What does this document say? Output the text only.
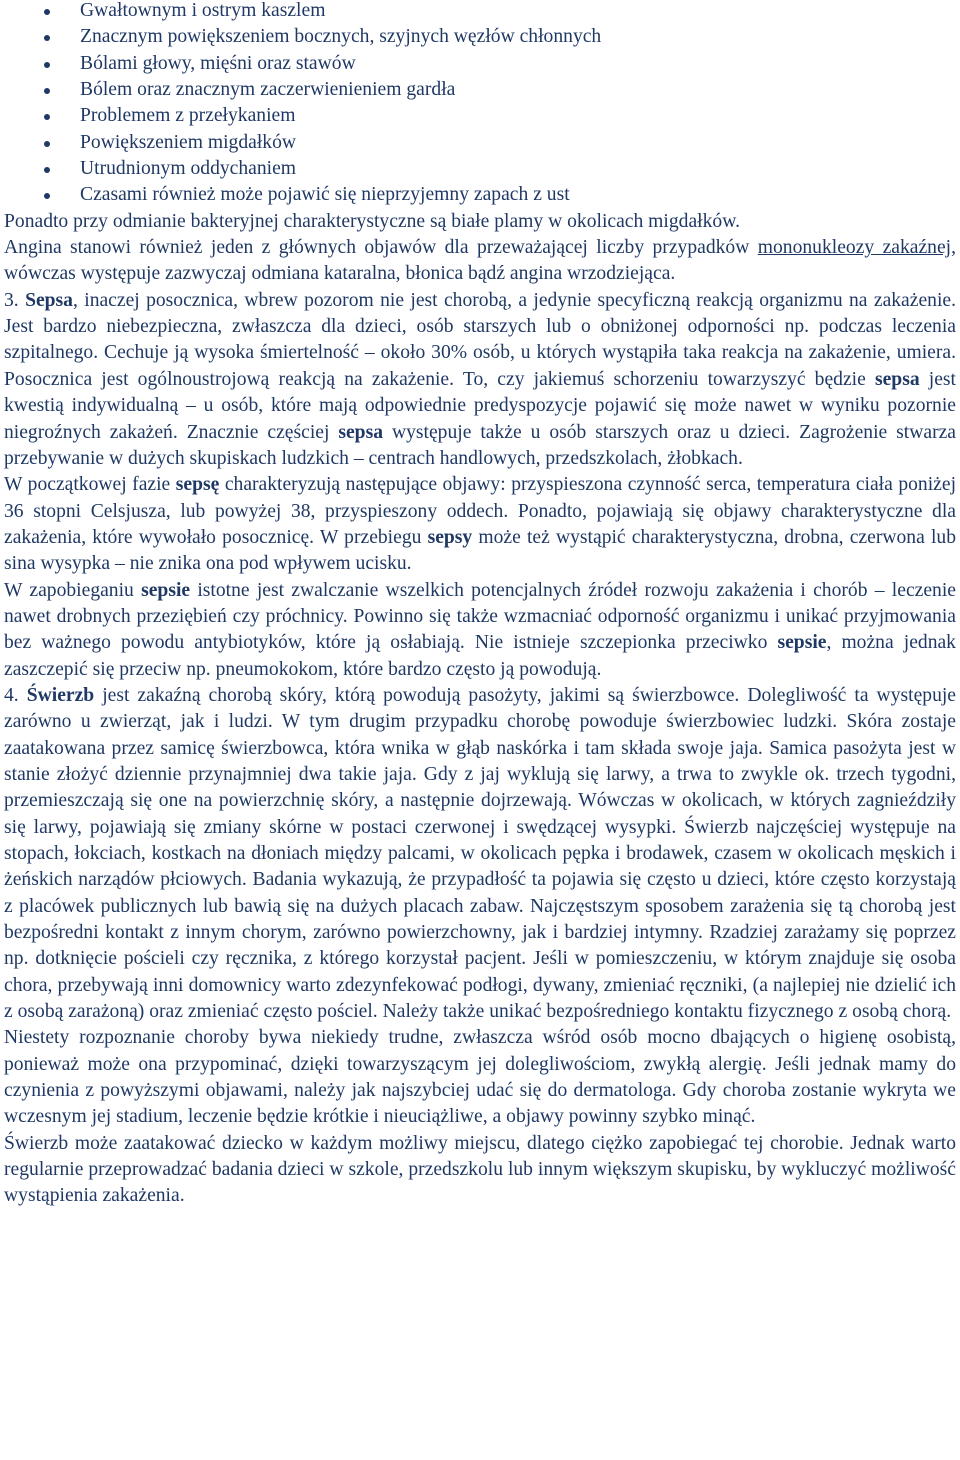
Gwałtownym i ostrym kaszlem
Znacznym powiększeniem bocznych, szyjnych węzłów chłonnych
Bólami głowy, mięśni oraz stawów
Bólem oraz znacznym zaczerwienieniem gardła
Problemem z przełykaniem
Powiększeniem migdałków
Utrudnionym oddychaniem
Czasami również może pojawić się nieprzyjemny zapach z ust

Ponadto przy odmianie bakteryjnej charakterystyczne są białe plamy w okolicach migdałków.

Angina stanowi również jeden z głównych objawów dla przeważającej liczby przypadków mononukleozy zakaźnej, wówczas występuje zazwyczaj odmiana kataralna, błonica bądź angina wrzodziejąca.

3. Sepsa, inaczej posocznica, wbrew pozorom nie jest chorobą, a jedynie specyficzną reakcją organizmu na zakażenie. Jest bardzo niebezpieczna, zwłaszcza dla dzieci, osób starszych lub o obniżonej odporności np. podczas leczenia szpitalnego. Cechuje ją wysoka śmiertelność – około 30% osób, u których wystąpiła taka reakcja na zakażenie, umiera. Posocznica jest ogólnoustrojową reakcją na zakażenie. To, czy jakiemuś schorzeniu towarzyszyć będzie sepsa jest kwestią indywidualną – u osób, które mają odpowiednie predyspozycje pojawić się może nawet w wyniku pozornie niegroźnych zakażeń. Znacznie częściej sepsa występuje także u osób starszych oraz u dzieci. Zagrożenie stwarza przebywanie w dużych skupiskach ludzkich – centrach handlowych, przedszkolach, żłobkach.

W początkowej fazie sepsę charakteryzują następujące objawy: przyspieszona czynność serca, temperatura ciała poniżej 36 stopni Celsjusza, lub powyżej 38, przyspieszony oddech. Ponadto, pojawiają się objawy charakterystyczne dla zakażenia, które wywołało posocznicę. W przebiegu sepsy może też wystąpić charakterystyczna, drobna, czerwona lub sina wysypka – nie znika ona pod wpływem ucisku.

W zapobieganiu sepsie istotne jest zwalczanie wszelkich potencjalnych źródeł rozwoju zakażenia i chorób – leczenie nawet drobnych przeziębień czy próchnicy. Powinno się także wzmacniać odporność organizmu i unikać przyjmowania bez ważnego powodu antybiotyków, które ją osłabiają. Nie istnieje szczepionka przeciwko sepsie, można jednak zaszczepić się przeciw np. pneumokokom, które bardzo często ją powodują.

4. Świerzb jest zakaźną chorobą skóry, którą powodują pasożyty, jakimi są świerzbowce. Dolegliwość ta występuje zarówno u zwierząt, jak i ludzi. W tym drugim przypadku chorobę powoduje świerzbowiec ludzki. Skóra zostaje zaatakowana przez samicę świerzbowca, która wnika w głąb naskórka i tam składa swoje jaja. Samica pasożyta jest w stanie złożyć dziennie przynajmniej dwa takie jaja. Gdy z jaj wyklują się larwy, a trwa to zwykle ok. trzech tygodni, przemieszczają się one na powierzchnię skóry, a następnie dojrzewają. Wówczas w okolicach, w których zagnieździły się larwy, pojawiają się zmiany skórne w postaci czerwonej i swędzącej wysypki. Świerzb najczęściej występuje na stopach, łokciach, kostkach na dłoniach między palcami, w okolicach pępka i brodawek, czasem w okolicach męskich i żeńskich narządów płciowych. Badania wykazują, że przypadłość ta pojawia się często u dzieci, które często korzystają z placówek publicznych lub bawią się na dużych placach zabaw. Najczęstszym sposobem zarażenia się tą chorobą jest bezpośredni kontakt z innym chorym, zarówno powierzchowny, jak i bardziej intymny. Rzadziej zarażamy się poprzez np. dotknięcie pościeli czy ręcznika, z którego korzystał pacjent. Jeśli w pomieszczeniu, w którym znajduje się osoba chora, przebywają inni domownicy warto zdezynfekować podłogi, dywany, zmieniać ręczniki, (a najlepiej nie dzielić ich z osobą zarażoną) oraz zmieniać często pościel. Należy także unikać bezpośredniego kontaktu fizycznego z osobą chorą.

Niestety rozpoznanie choroby bywa niekiedy trudne, zwłaszcza wśród osób mocno dbających o higienę osobistą, ponieważ może ona przypominać, dzięki towarzyszącym jej dolegliwościom, zwykłą alergię. Jeśli jednak mamy do czynienia z powyższymi objawami, należy jak najszybciej udać się do dermatologa. Gdy choroba zostanie wykryta we wczesnym jej stadium, leczenie będzie krótkie i nieuciążliwe, a objawy powinny szybko minąć.

Świerzb może zaatakować dziecko w każdym możliwy miejscu, dlatego ciężko zapobiegać tej chorobie. Jednak warto regularnie przeprowadzać badania dzieci w szkole, przedszkolu lub innym większym skupisku, by wykluczyć możliwość wystąpienia zakażenia.
